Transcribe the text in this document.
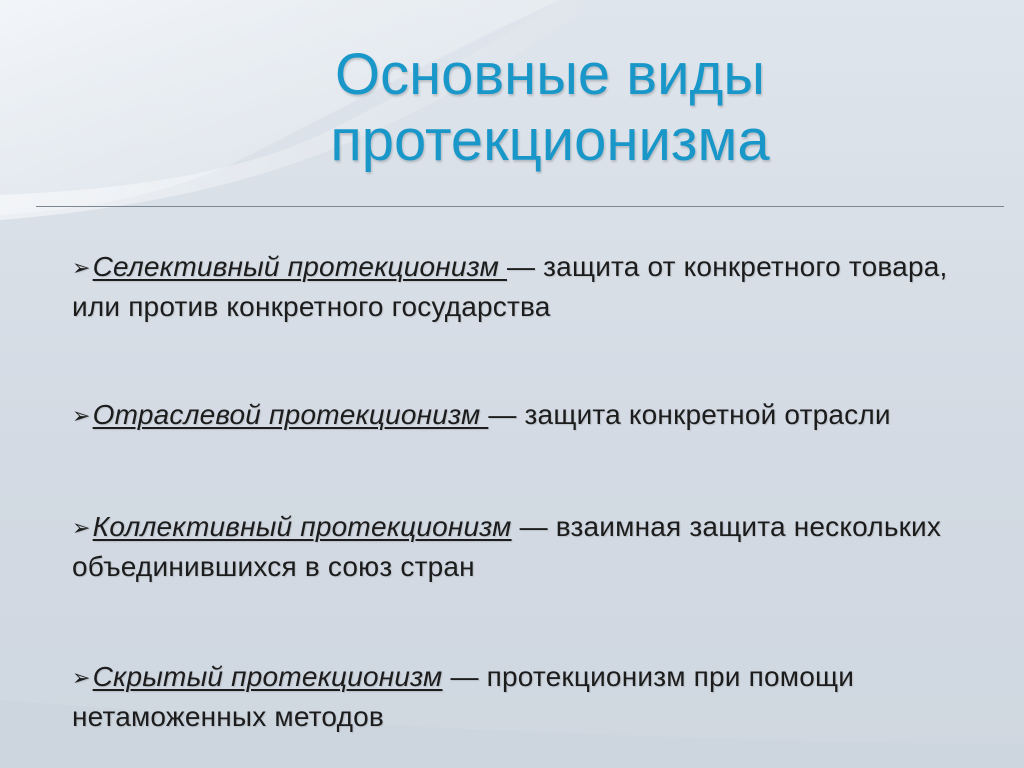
Основные виды
протекционизма
➢Селективный протекционизм — защита от конкретного товара, или против конкретного государства
➢Отраслевой протекционизм — защита конкретной отрасли
➢Коллективный протекционизм — взаимная защита нескольких объединившихся в союз стран
➢Скрытый протекционизм — протекционизм при помощи нетаможенных методов
